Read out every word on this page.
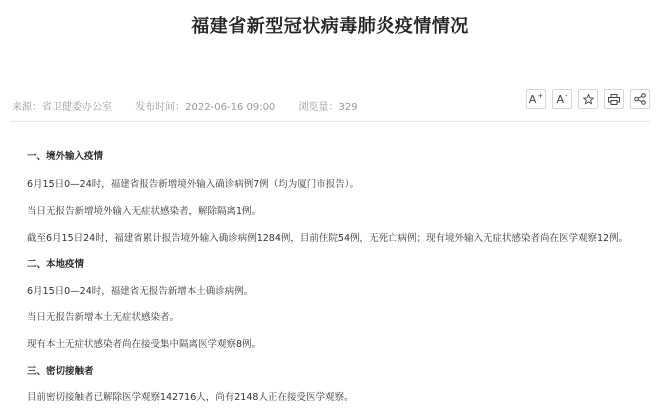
福建省新型冠状病毒肺炎疫情情况
来源：省卫健委办公室 发布时间：2022-06-16 09:00 浏览量：329
A+ A-
一、境外输入疫情
6月15日0—24时，福建省报告新增境外输入确诊病例7例（均为厦门市报告）。
当日无报告新增境外输入无症状感染者，解除隔离1例。
截至6月15日24时，福建省累计报告境外输入确诊病例1284例，目前住院54例，无死亡病例；现有境外输入无症状感染者尚在医学观察12例。
二、本地疫情
6月15日0—24时，福建省无报告新增本土确诊病例。
当日无报告新增本土无症状感染者。
现有本土无症状感染者尚在接受集中隔离医学观察8例。
三、密切接触者
目前密切接触者已解除医学观察142716人，尚有2148人正在接受医学观察。
